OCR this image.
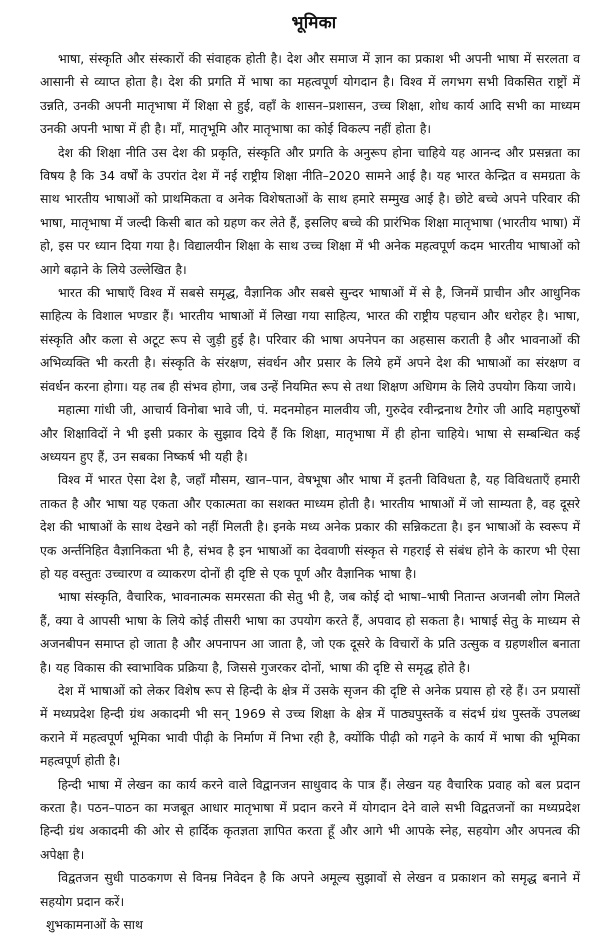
भूमिका

भाषा, संस्कृति और संस्कारों की संवाहक होती है। देश और समाज में ज्ञान का प्रकाश भी अपनी भाषा में सरलता व आसानी से व्याप्त होता है। देश की प्रगति में भाषा का महत्वपूर्ण योगदान है। विश्व में लगभग सभी विकसित राष्ट्रों में उन्नति, उनकी अपनी मातृभाषा में शिक्षा से हुई, वहाँ के शासन–प्रशासन, उच्च शिक्षा, शोध कार्य आदि सभी का माध्यम उनकी अपनी भाषा में ही है। माँ, मातृभूमि और मातृभाषा का कोई विकल्प नहीं होता है।

देश की शिक्षा नीति उस देश की प्रकृति, संस्कृति और प्रगति के अनुरूप होना चाहिये यह आनन्द और प्रसन्नता का विषय है कि 34 वर्षों के उपरांत देश में नई राष्ट्रीय शिक्षा नीति–2020 सामने आई है। यह भारत केन्द्रित व समग्रता के साथ भारतीय भाषाओं को प्राथमिकता व अनेक विशेषताओं के साथ हमारे सम्मुख आई है। छोटे बच्चे अपने परिवार की भाषा, मातृभाषा में जल्दी किसी बात को ग्रहण कर लेते हैं, इसलिए बच्चे की प्रारंभिक शिक्षा मातृभाषा (भारतीय भाषा) में हो, इस पर ध्यान दिया गया है। विद्यालयीन शिक्षा के साथ उच्च शिक्षा में भी अनेक महत्वपूर्ण कदम भारतीय भाषाओं को आगे बढ़ाने के लिये उल्लेखित है।

भारत की भाषाएँ विश्व में सबसे समृद्ध, वैज्ञानिक और सबसे सुन्दर भाषाओं में से है, जिनमें प्राचीन और आधुनिक साहित्य के विशाल भण्डार हैं। भारतीय भाषाओं में लिखा गया साहित्य, भारत की राष्ट्रीय पहचान और धरोहर है। भाषा, संस्कृति और कला से अटूट रूप से जुड़ी हुई है। परिवार की भाषा अपनेपन का अहसास कराती है और भावनाओं की अभिव्यक्ति भी करती है। संस्कृति के संरक्षण, संवर्धन और प्रसार के लिये हमें अपने देश की भाषाओं का संरक्षण व संवर्धन करना होगा। यह तब ही संभव होगा, जब उन्हें नियमित रूप से तथा शिक्षण अधिगम के लिये उपयोग किया जाये।

महात्मा गांधी जी, आचार्य विनोबा भावे जी, पं. मदनमोहन मालवीय जी, गुरुदेव रवीन्द्रनाथ टैगोर जी आदि महापुरुषों और शिक्षाविदों ने भी इसी प्रकार के सुझाव दिये हैं कि शिक्षा, मातृभाषा में ही होना चाहिये। भाषा से सम्बन्धित कई अध्ययन हुए हैं, उन सबका निष्कर्ष भी यही है।

विश्व में भारत ऐसा देश है, जहाँ मौसम, खान–पान, वेषभूषा और भाषा में इतनी विविधता है, यह विविधताएँ हमारी ताकत है और भाषा यह एकता और एकात्मता का सशक्त माध्यम होती है। भारतीय भाषाओं में जो साम्यता है, वह दूसरे देश की भाषाओं के साथ देखने को नहीं मिलती है। इनके मध्य अनेक प्रकार की सन्निकटता है। इन भाषाओं के स्वरूप में एक अर्न्तनिहित वैज्ञानिकता भी है, संभव है इन भाषाओं का देववाणी संस्कृत से गहराई से संबंध होने के कारण भी ऐसा हो यह वस्तुतः उच्चारण व व्याकरण दोनों ही दृष्टि से एक पूर्ण और वैज्ञानिक भाषा है।

भाषा संस्कृति, वैचारिक, भावनात्मक समरसता की सेतु भी है, जब कोई दो भाषा–भाषी नितान्त अजनबी लोग मिलते हैं, क्या वे आपसी भाषा के लिये कोई तीसरी भाषा का उपयोग करते हैं, अपवाद हो सकता है। भाषाई सेतु के माध्यम से अजनबीपन समाप्त हो जाता है और अपनापन आ जाता है, जो एक दूसरे के विचारों के प्रति उत्सुक व ग्रहणशील बनाता है। यह विकास की स्वाभाविक प्रक्रिया है, जिससे गुजरकर दोनों, भाषा की दृष्टि से समृद्ध होते है।

देश में भाषाओं को लेकर विशेष रूप से हिन्दी के क्षेत्र में उसके सृजन की दृष्टि से अनेक प्रयास हो रहे हैं। उन प्रयासों में मध्यप्रदेश हिन्दी ग्रंथ अकादमी भी सन् 1969 से उच्च शिक्षा के क्षेत्र में पाठ्यपुस्तकें व संदर्भ ग्रंथ पुस्तकें उपलब्ध कराने में महत्वपूर्ण भूमिका भावी पीढ़ी के निर्माण में निभा रही है, क्योंकि पीढ़ी को गढ़ने के कार्य में भाषा की भूमिका महत्वपूर्ण होती है।

हिन्दी भाषा में लेखन का कार्य करने वाले विद्वानजन साधुवाद के पात्र हैं। लेखन यह वैचारिक प्रवाह को बल प्रदान करता है। पठन–पाठन का मजबूत आधार मातृभाषा में प्रदान करने में योगदान देने वाले सभी विद्वतजनों का मध्यप्रदेश हिन्दी ग्रंथ अकादमी की ओर से हार्दिक कृतज्ञता ज्ञापित करता हूँ और आगे भी आपके स्नेह, सहयोग और अपनत्व की अपेक्षा है।

विद्वतजन सुधी पाठकगण से विनम्र निवेदन है कि अपने अमूल्य सुझावों से लेखन व प्रकाशन को समृद्ध बनाने में सहयोग प्रदान करें।

शुभकामनाओं के साथ
